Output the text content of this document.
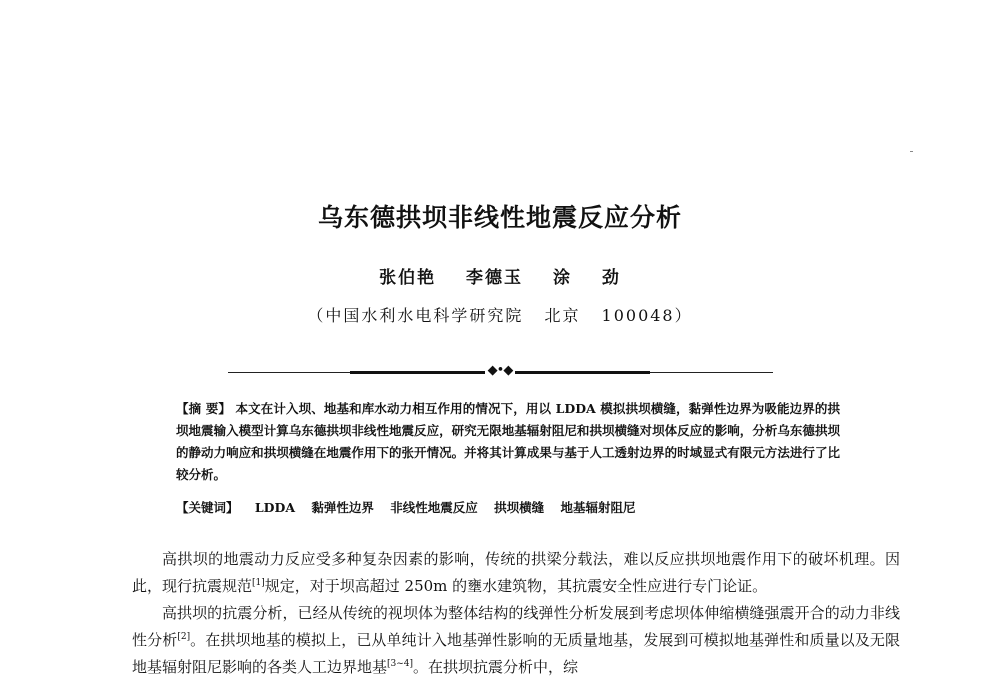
乌东德拱坝非线性地震反应分析
张伯艳 李德玉 涂 劲
（中国水利水电科学研究院 北京 100048）
◆•◆
【摘 要】 本文在计入坝、地基和库水动力相互作用的情况下，用以 LDDA 模拟拱坝横缝，黏弹性边界为吸能边界的拱坝地震输入模型计算乌东德拱坝非线性地震反应，研究无限地基辐射阻尼和拱坝横缝对坝体反应的影响，分析乌东德拱坝的静动力响应和拱坝横缝在地震作用下的张开情况。并将其计算成果与基于人工透射边界的时域显式有限元方法进行了比较分析。
【关键词】 LDDA 黏弹性边界 非线性地震反应 拱坝横缝 地基辐射阻尼

高拱坝的地震动力反应受多种复杂因素的影响，传统的拱梁分载法，难以反应拱坝地震作用下的破坏机理。因此，现行抗震规范[1]规定，对于坝高超过 250m 的壅水建筑物，其抗震安全性应进行专门论证。

高拱坝的抗震分析，已经从传统的视坝体为整体结构的线弹性分析发展到考虑坝体伸缩横缝强震开合的动力非线性分析[2]。在拱坝地基的模拟上，已从单纯计入地基弹性影响的无质量地基，发展到可模拟地基弹性和质量以及无限地基辐射阻尼影响的各类人工边界地基[3~4]。在拱坝抗震分析中，综
